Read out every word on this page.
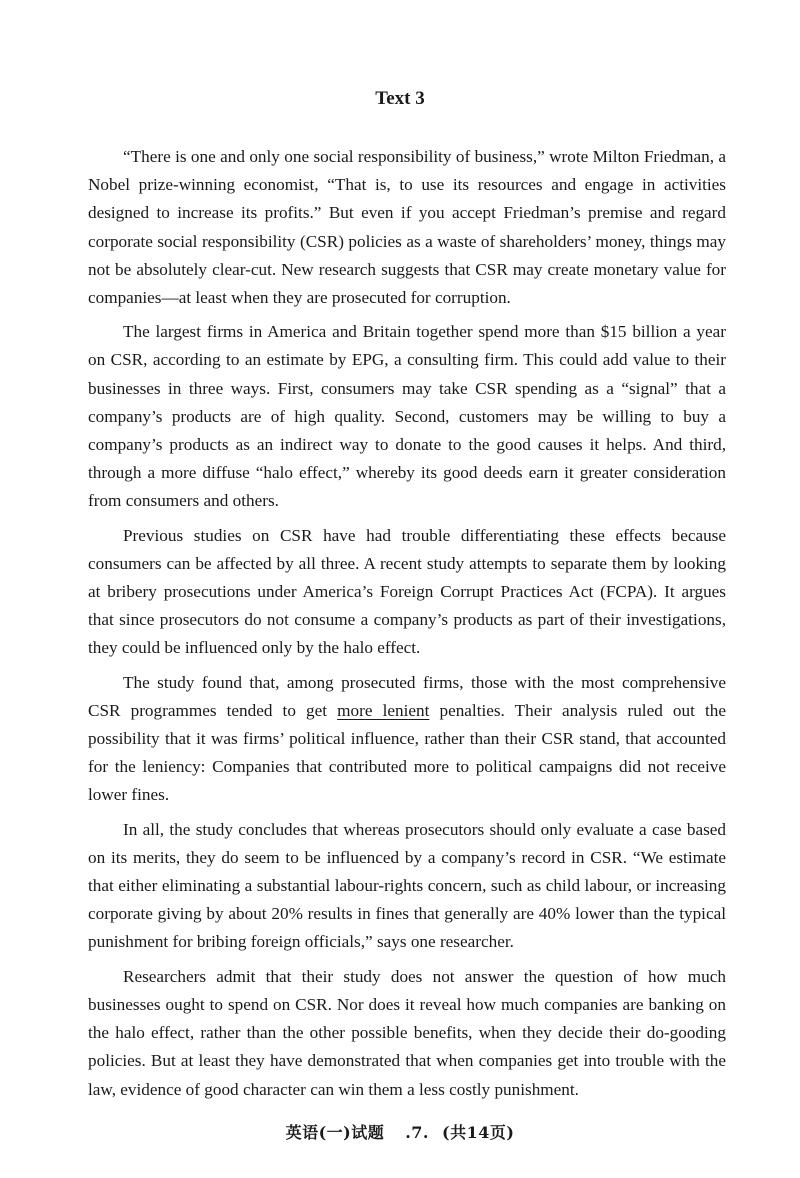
Text 3

“There is one and only one social responsibility of business,” wrote Milton Friedman, a Nobel prize-winning economist, “That is, to use its resources and engage in activities designed to increase its profits.” But even if you accept Friedman’s premise and regard corporate social responsibility (CSR) policies as a waste of shareholders’ money, things may not be absolutely clear-cut. New research suggests that CSR may create monetary value for companies—at least when they are prosecuted for corruption.

The largest firms in America and Britain together spend more than $15 billion a year on CSR, according to an estimate by EPG, a consulting firm. This could add value to their businesses in three ways. First, consumers may take CSR spending as a “signal” that a company’s products are of high quality. Second, customers may be willing to buy a company’s products as an indirect way to donate to the good causes it helps. And third, through a more diffuse “halo effect,” whereby its good deeds earn it greater consideration from consumers and others.

Previous studies on CSR have had trouble differentiating these effects because consumers can be affected by all three. A recent study attempts to separate them by looking at bribery prosecutions under America’s Foreign Corrupt Practices Act (FCPA). It argues that since prosecutors do not consume a company’s products as part of their investigations, they could be influenced only by the halo effect.

The study found that, among prosecuted firms, those with the most comprehensive CSR programmes tended to get more lenient penalties. Their analysis ruled out the possibility that it was firms’ political influence, rather than their CSR stand, that accounted for the leniency: Companies that contributed more to political campaigns did not receive lower fines.

In all, the study concludes that whereas prosecutors should only evaluate a case based on its merits, they do seem to be influenced by a company’s record in CSR. “We estimate that either eliminating a substantial labour-rights concern, such as child labour, or increasing corporate giving by about 20% results in fines that generally are 40% lower than the typical punishment for bribing foreign officials,” says one researcher.

Researchers admit that their study does not answer the question of how much businesses ought to spend on CSR. Nor does it reveal how much companies are banking on the halo effect, rather than the other possible benefits, when they decide their do-gooding policies. But at least they have demonstrated that when companies get into trouble with the law, evidence of good character can win them a less costly punishment.

英语(一)试题 .7. (共14页)
